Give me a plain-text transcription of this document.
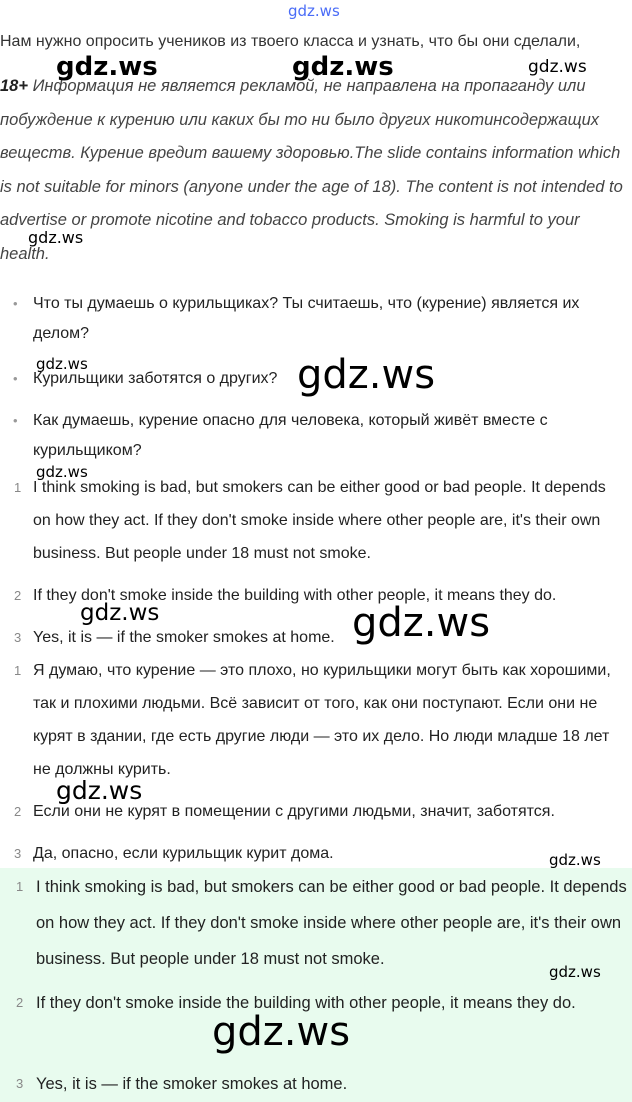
gdz.ws
Нам нужно опросить учеников из твоего класса и узнать, что бы они сделали,
18+ Информация не является рекламой, не направлена на пропаганду или побуждение к курению или каких бы то ни было других никотинсодержащих веществ. Курение вредит вашему здоровью.The slide contains information which is not suitable for minors (anyone under the age of 18). The content is not intended to advertise or promote nicotine and tobacco products. Smoking is harmful to your health.
• Что ты думаешь о курильщиках? Ты считаешь, что (курение) является их делом?
• Курильщики заботятся о других?
• Как думаешь, курение опасно для человека, который живёт вместе с курильщиком?
1 I think smoking is bad, but smokers can be either good or bad people. It depends on how they act. If they don't smoke inside where other people are, it's their own business. But people under 18 must not smoke.
2 If they don't smoke inside the building with other people, it means they do.
3 Yes, it is — if the smoker smokes at home.
1 Я думаю, что курение — это плохо, но курильщики могут быть как хорошими, так и плохими людьми. Всё зависит от того, как они поступают. Если они не курят в здании, где есть другие люди — это их дело. Но люди младше 18 лет не должны курить.
2 Если они не курят в помещении с другими людьми, значит, заботятся.
3 Да, опасно, если курильщик курит дома.
1 I think smoking is bad, but smokers can be either good or bad people. It depends on how they act. If they don't smoke inside where other people are, it's their own business. But people under 18 must not smoke.
2 If they don't smoke inside the building with other people, it means they do.
3 Yes, it is — if the smoker smokes at home.
gdz.ws	gdz.ws	gdz.ws
gdz.ws
gdz.ws	gdz.ws
gdz.ws
gdz.ws	gdz.ws
gdz.ws
gdz.ws
gdz.ws
gdz.ws
